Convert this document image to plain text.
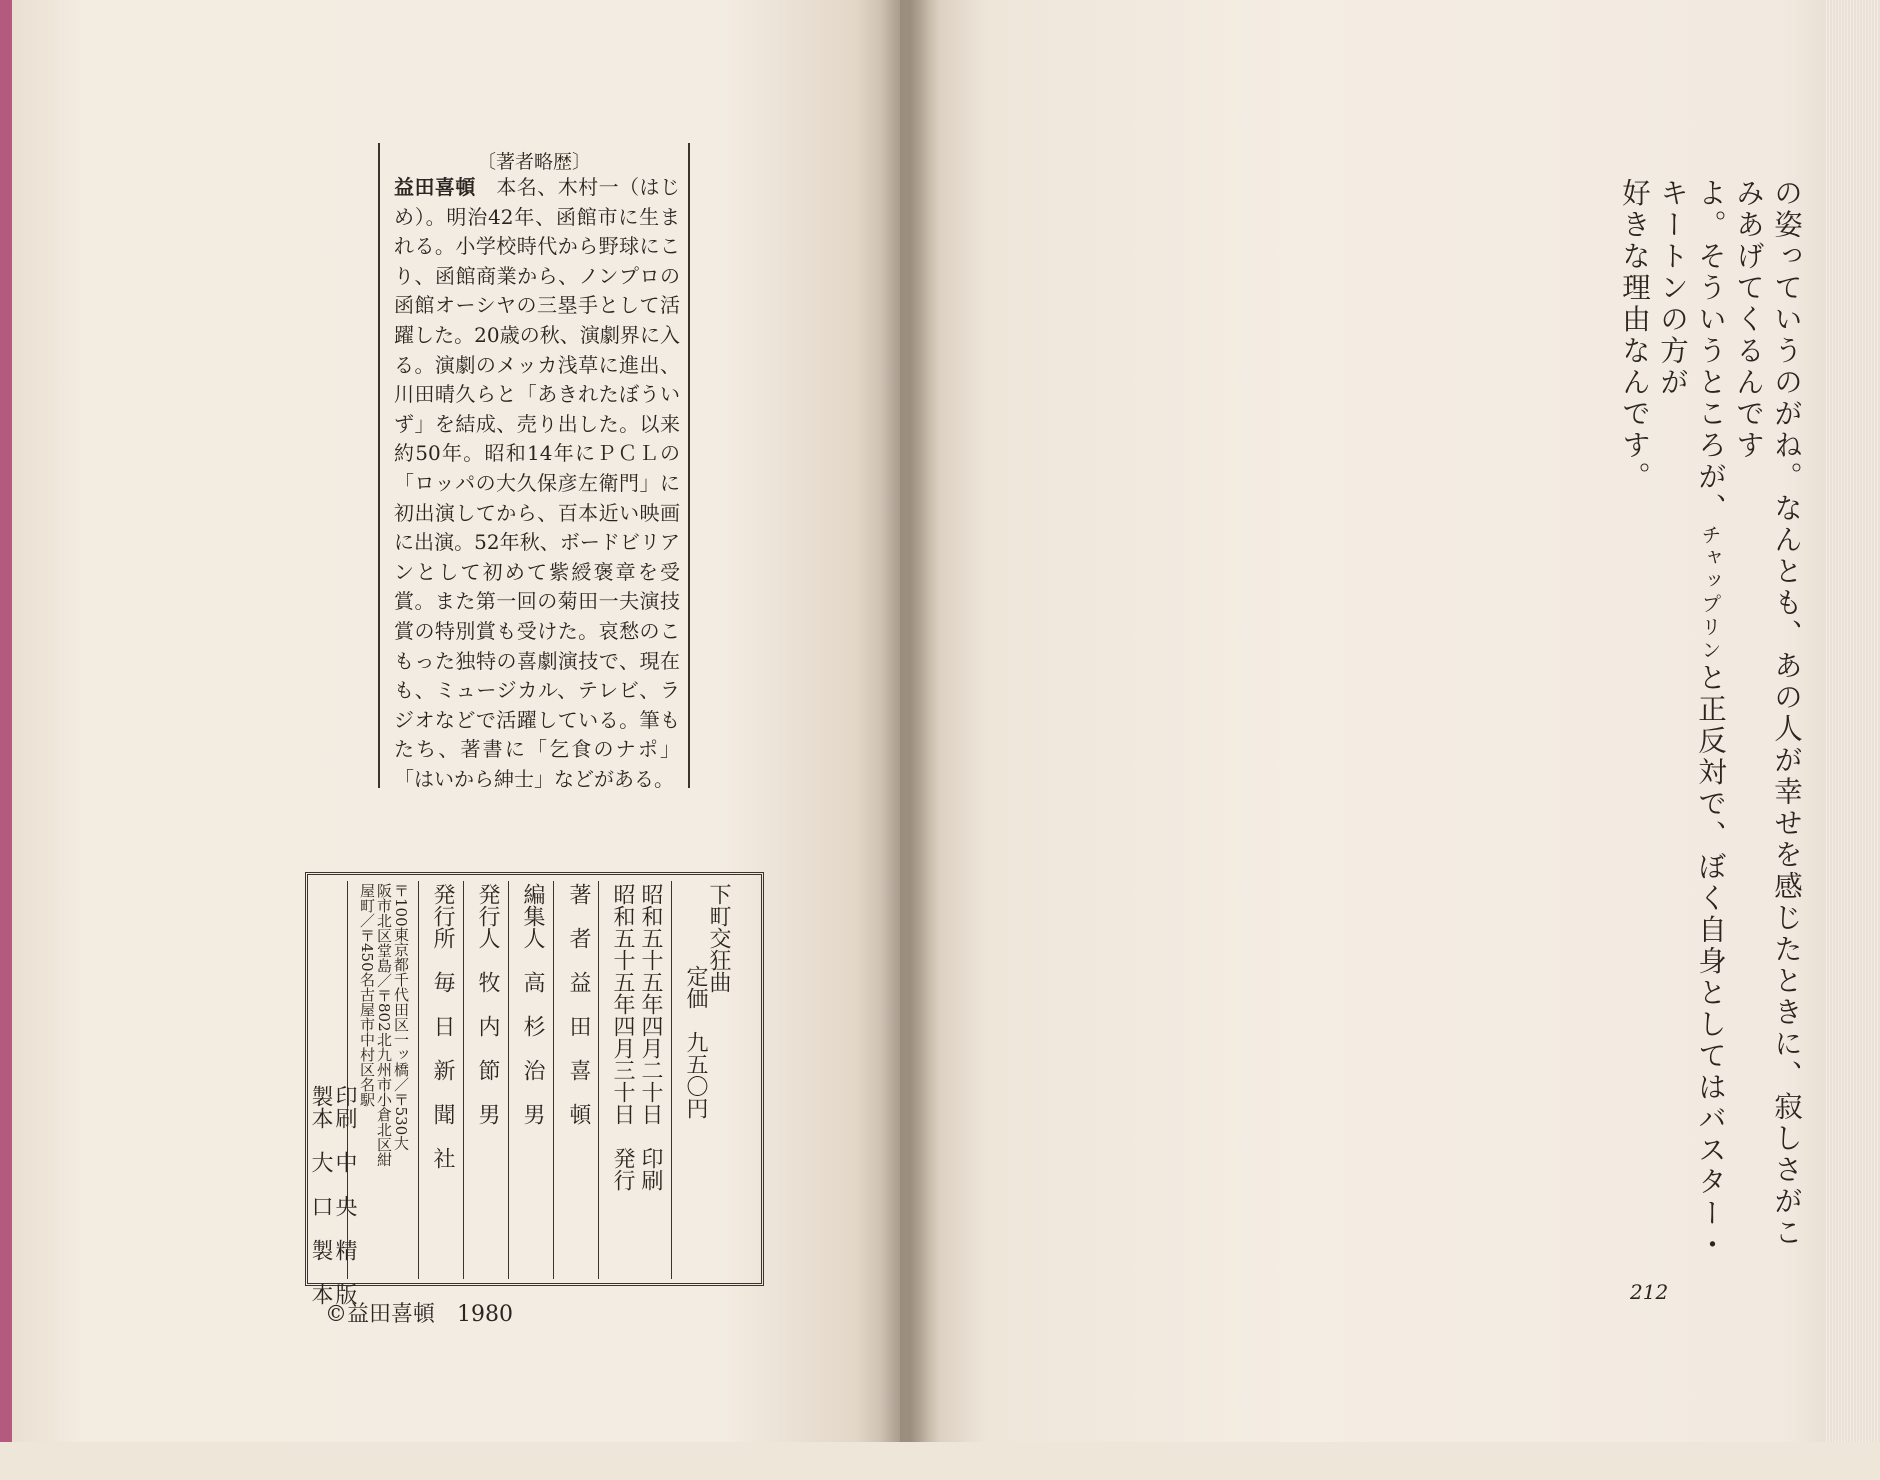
〔著者略歴〕
益田喜頓　 本名、木村一（はじめ）。明治42年、函館市に生まれる。小学校時代から野球にこり、函館商業から、ノンプロの函館オーシヤの三塁手として活躍した。20歳の秋、演劇界に入る。演劇のメッカ浅草に進出、川田晴久らと「あきれたぼういず」を結成、売り出した。以来約50年。昭和14年にＰＣＬの「ロッパの大久保彦左衛門」に初出演してから、百本近い映画に出演。52年秋、ボードビリアンとして初めて紫綬褒章を受賞。また第一回の菊田一夫演技賞の特別賞も受けた。哀愁のこもった独特の喜劇演技で、現在も、ミュージカル、テレビ、ラジオなどで活躍している。筆もたち、著書に「乞食のナポ」「はいから紳士」などがある。
下町交狂曲
定価　九五〇円
昭和五十五年四月二十日　印刷
昭和五十五年四月三十日　発行
著　者　益　田　喜　頓
編集人　高　杉　治　男
発行人　牧　内　節　男
発行所　毎　日　新　聞　社
〒100東京都千代田区一ッ橋／〒530大
阪市北区堂島／〒802北九州市小倉北区紺
屋町／〒450名古屋市中村区名駅
印刷　中　央　精　版
製本　大　口　製　本
©益田喜頓　1980
の姿っていうのがね。なんとも、あの人が幸せを感じたときに、寂しさがこみあげてくるんです
よ。そういうところが、チャップリンと正反対で、ぼく自身としてはバスター・キートンの方が
好きな理由なんです。
212
